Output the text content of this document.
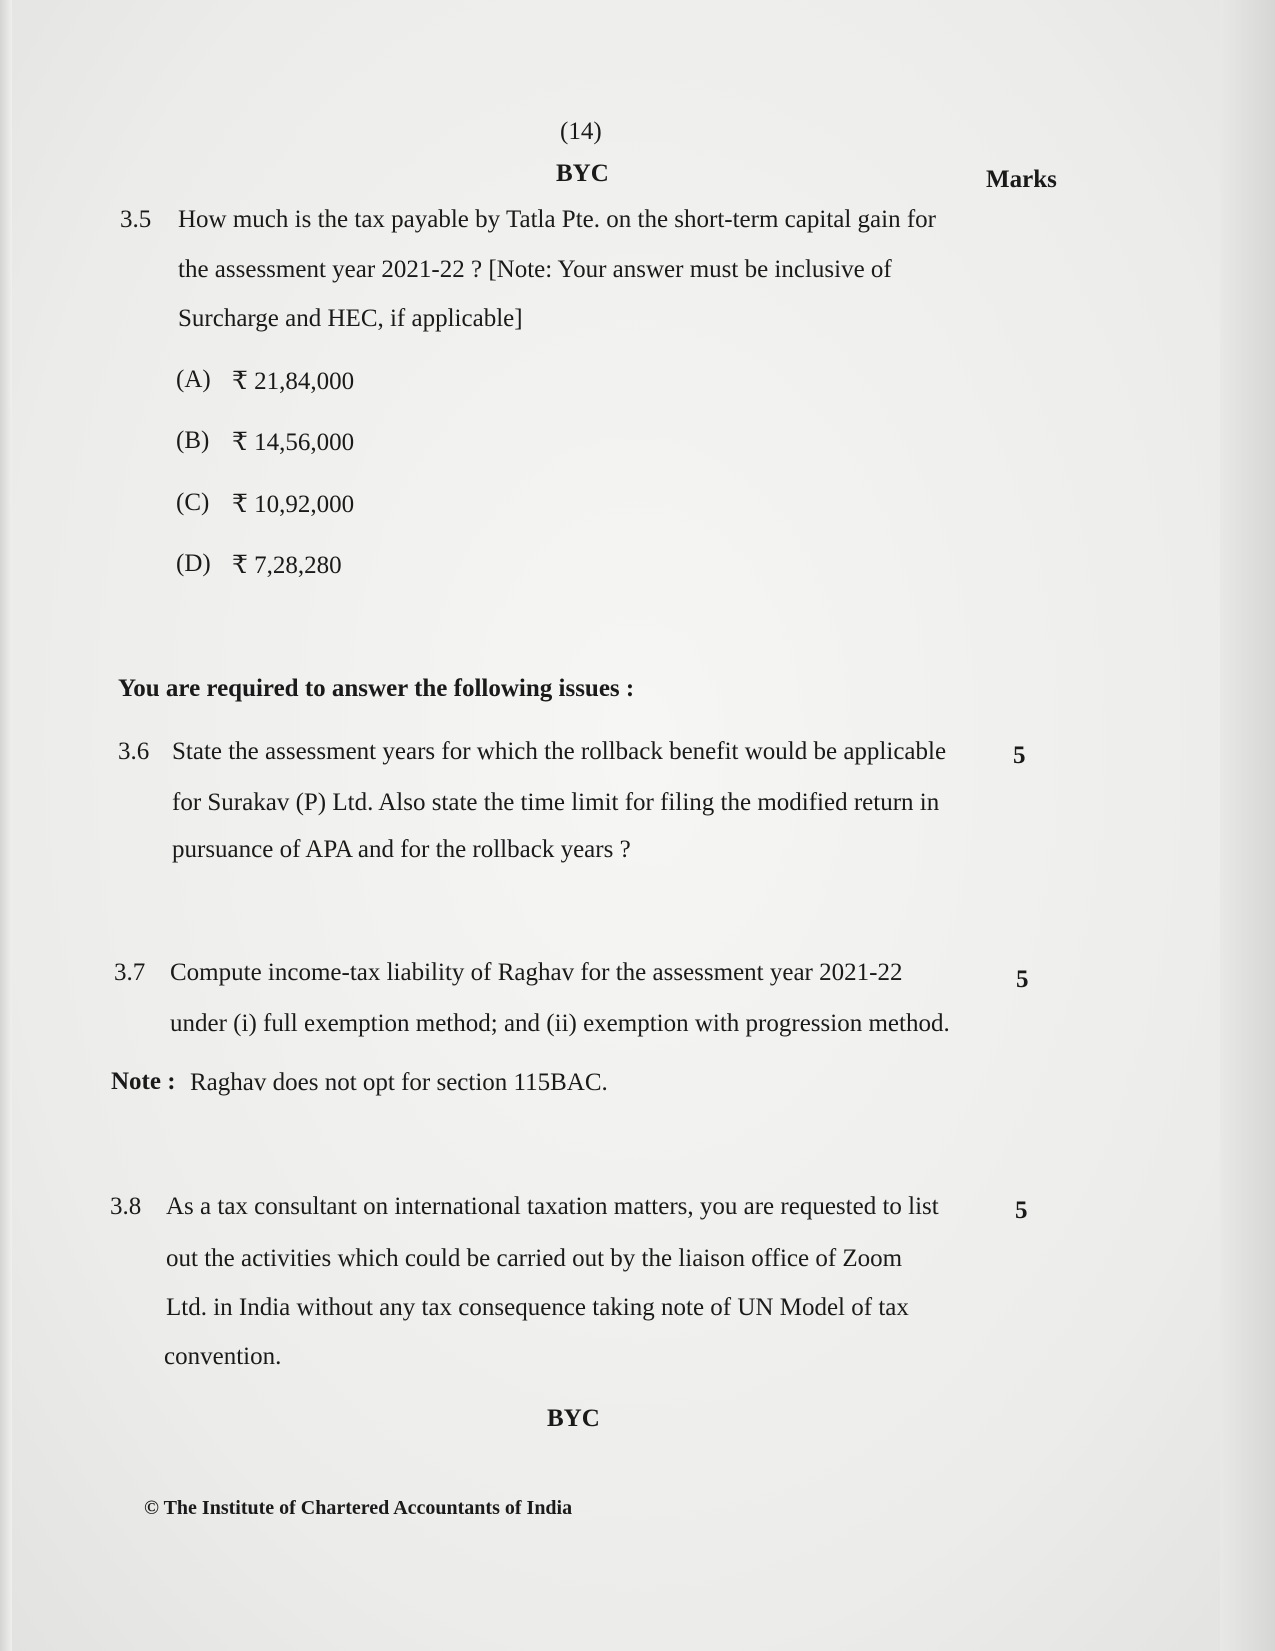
(14)
BYC	Marks
3.5 How much is the tax payable by Tatla Pte. on the short-term capital gain for
the assessment year 2021-22 ? [Note: Your answer must be inclusive of
Surcharge and HEC, if applicable]
(A) ₹ 21,84,000
(B) ₹ 14,56,000
(C) ₹ 10,92,000
(D) ₹ 7,28,280
You are required to answer the following issues :
3.6 State the assessment years for which the rollback benefit would be applicable
for Surakav (P) Ltd. Also state the time limit for filing the modified return in
pursuance of APA and for the rollback years ?
5
3.7 Compute income-tax liability of Raghav for the assessment year 2021-22
under (i) full exemption method; and (ii) exemption with progression method.
5
Note : Raghav does not opt for section 115BAC.
3.8 As a tax consultant on international taxation matters, you are requested to list
out the activities which could be carried out by the liaison office of Zoom
Ltd. in India without any tax consequence taking note of UN Model of tax
convention.
5
BYC
© The Institute of Chartered Accountants of India
